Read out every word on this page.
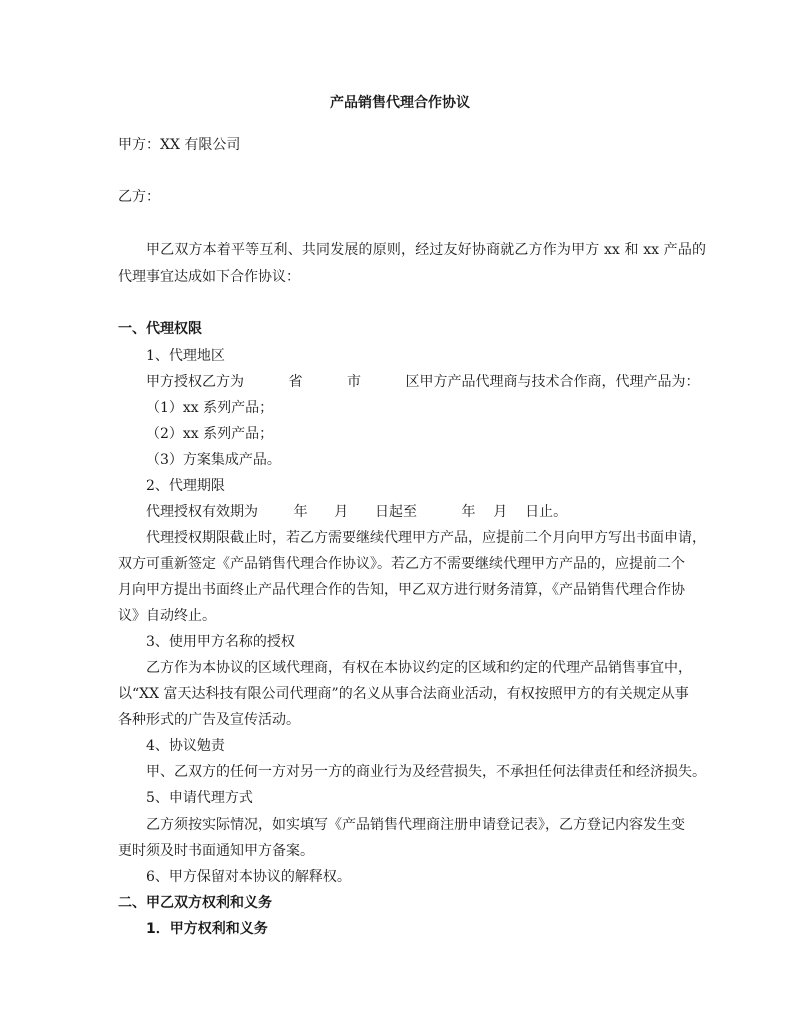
产品销售代理合作协议
甲方：XX 有限公司
乙方：
甲乙双方本着平等互利、共同发展的原则，经过友好协商就乙方作为甲方 xx 和 xx 产品的
代理事宜达成如下合作协议：
一、代理权限
1、代理地区
甲方授权乙方为          省          市          区甲方产品代理商与技术合作商，代理产品为：
（1）xx 系列产品；
（2）xx 系列产品；
（3）方案集成产品。
2、代理期限
代理授权有效期为        年      月      日起至          年    月    日止。
代理授权期限截止时，若乙方需要继续代理甲方产品，应提前二个月向甲方写出书面申请，
双方可重新签定《产品销售代理合作协议》。若乙方不需要继续代理甲方产品的，应提前二个
月向甲方提出书面终止产品代理合作的告知，甲乙双方进行财务清算，《产品销售代理合作协
议》自动终止。
3、使用甲方名称的授权
乙方作为本协议的区域代理商，有权在本协议约定的区域和约定的代理产品销售事宜中，
以“XX 富天达科技有限公司代理商”的名义从事合法商业活动，有权按照甲方的有关规定从事
各种形式的广告及宣传活动。
4、协议勉责
甲、乙双方的任何一方对另一方的商业行为及经营损失，不承担任何法律责任和经济损失。
5、申请代理方式
乙方须按实际情况，如实填写《产品销售代理商注册申请登记表》，乙方登记内容发生变
更时须及时书面通知甲方备案。
6、甲方保留对本协议的解释权。
二、甲乙双方权利和义务
1．甲方权利和义务
